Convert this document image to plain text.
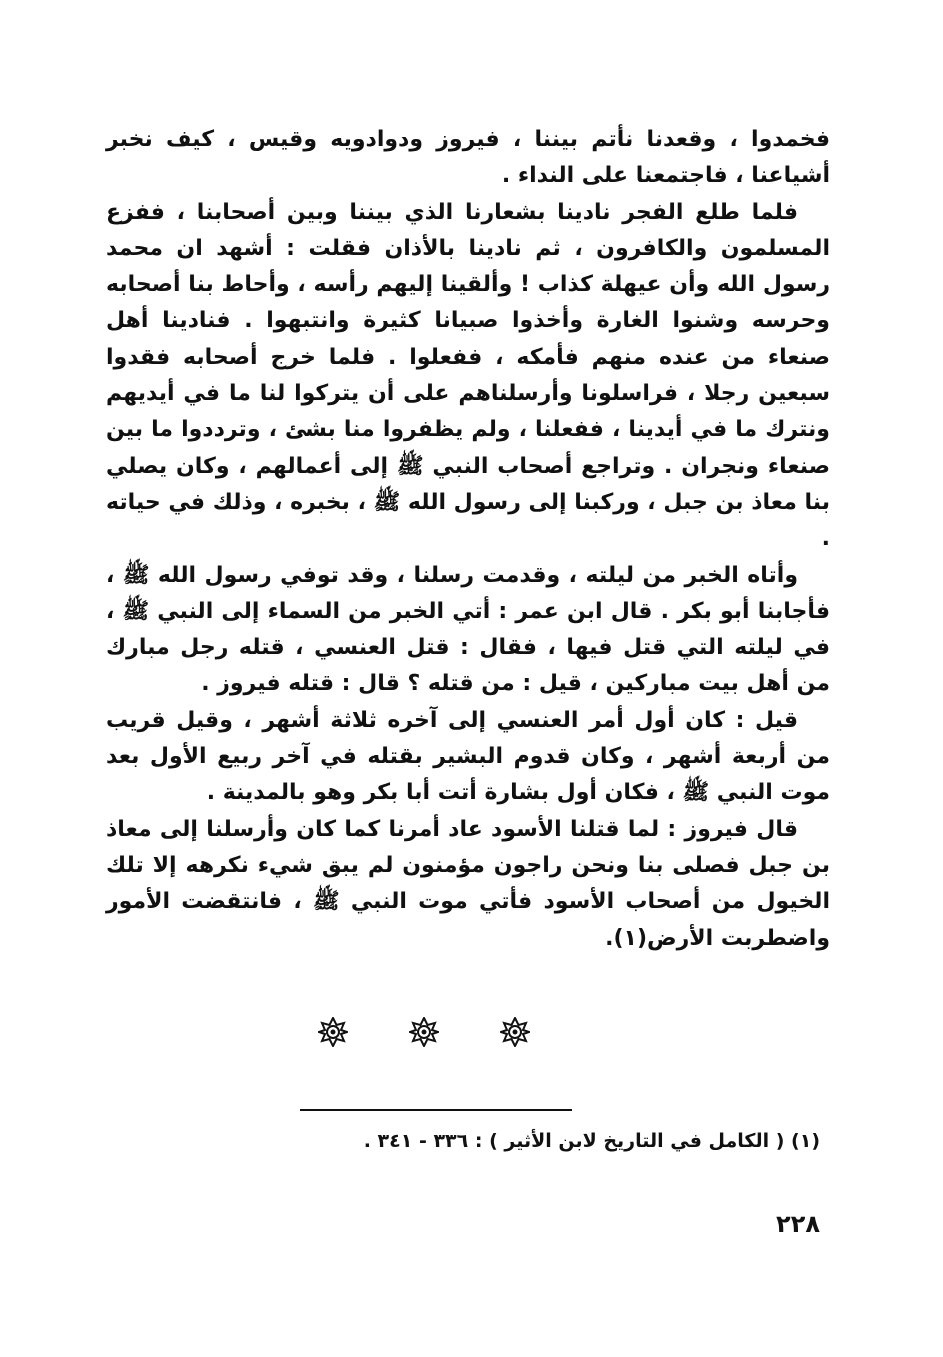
فخمدوا ، وقعدنا نأتم بيننا ، فيروز ودوادويه وقيس ، كيف نخبر أشياعنا ، فاجتمعنا على النداء .

فلما طلع الفجر نادينا بشعارنا الذي بيننا وبين أصحابنا ، ففزع المسلمون والكافرون ، ثم نادينا بالأذان فقلت : أشهد ان محمد رسول الله وأن عيهلة كذاب ! وألقينا إليهم رأسه ، وأحاط بنا أصحابه وحرسه وشنوا الغارة وأخذوا صبيانا كثيرة وانتبهوا . فنادينا أهل صنعاء من عنده منهم فأمكه ، ففعلوا . فلما خرج أصحابه فقدوا سبعين رجلا ، فراسلونا وأرسلناهم على أن يتركوا لنا ما في أيديهم ونترك ما في أيدينا ، ففعلنا ، ولم يظفروا منا بشئ ، وترددوا ما بين صنعاء ونجران . وتراجع أصحاب النبي ﷺ إلى أعمالهم ، وكان يصلي بنا معاذ بن جبل ، وركبنا إلى رسول الله ﷺ ، بخبره ، وذلك في حياته .

وأتاه الخبر من ليلته ، وقدمت رسلنا ، وقد توفي رسول الله ﷺ ، فأجابنا أبو بكر . قال ابن عمر : أتي الخبر من السماء إلى النبي ﷺ ، في ليلته التي قتل فيها ، فقال : قتل العنسي ، قتله رجل مبارك من أهل بيت مباركين ، قيل : من قتله ؟ قال : قتله فيروز .

قيل : كان أول أمر العنسي إلى آخره ثلاثة أشهر ، وقيل قريب من أربعة أشهر ، وكان قدوم البشير بقتله في آخر ربيع الأول بعد موت النبي ﷺ ، فكان أول بشارة أتت أبا بكر وهو بالمدينة .

قال فيروز : لما قتلنا الأسود عاد أمرنا كما كان وأرسلنا إلى معاذ بن جبل فصلى بنا ونحن راجون مؤمنون لم يبق شيء نكرهه إلا تلك الخيول من أصحاب الأسود فأتي موت النبي ﷺ ، فانتقضت الأمور واضطربت الأرض(١).

(١) ( الكامل في التاريخ لابن الأثير ) : ٣٣٦ - ٣٤١ .
٢٢٨
